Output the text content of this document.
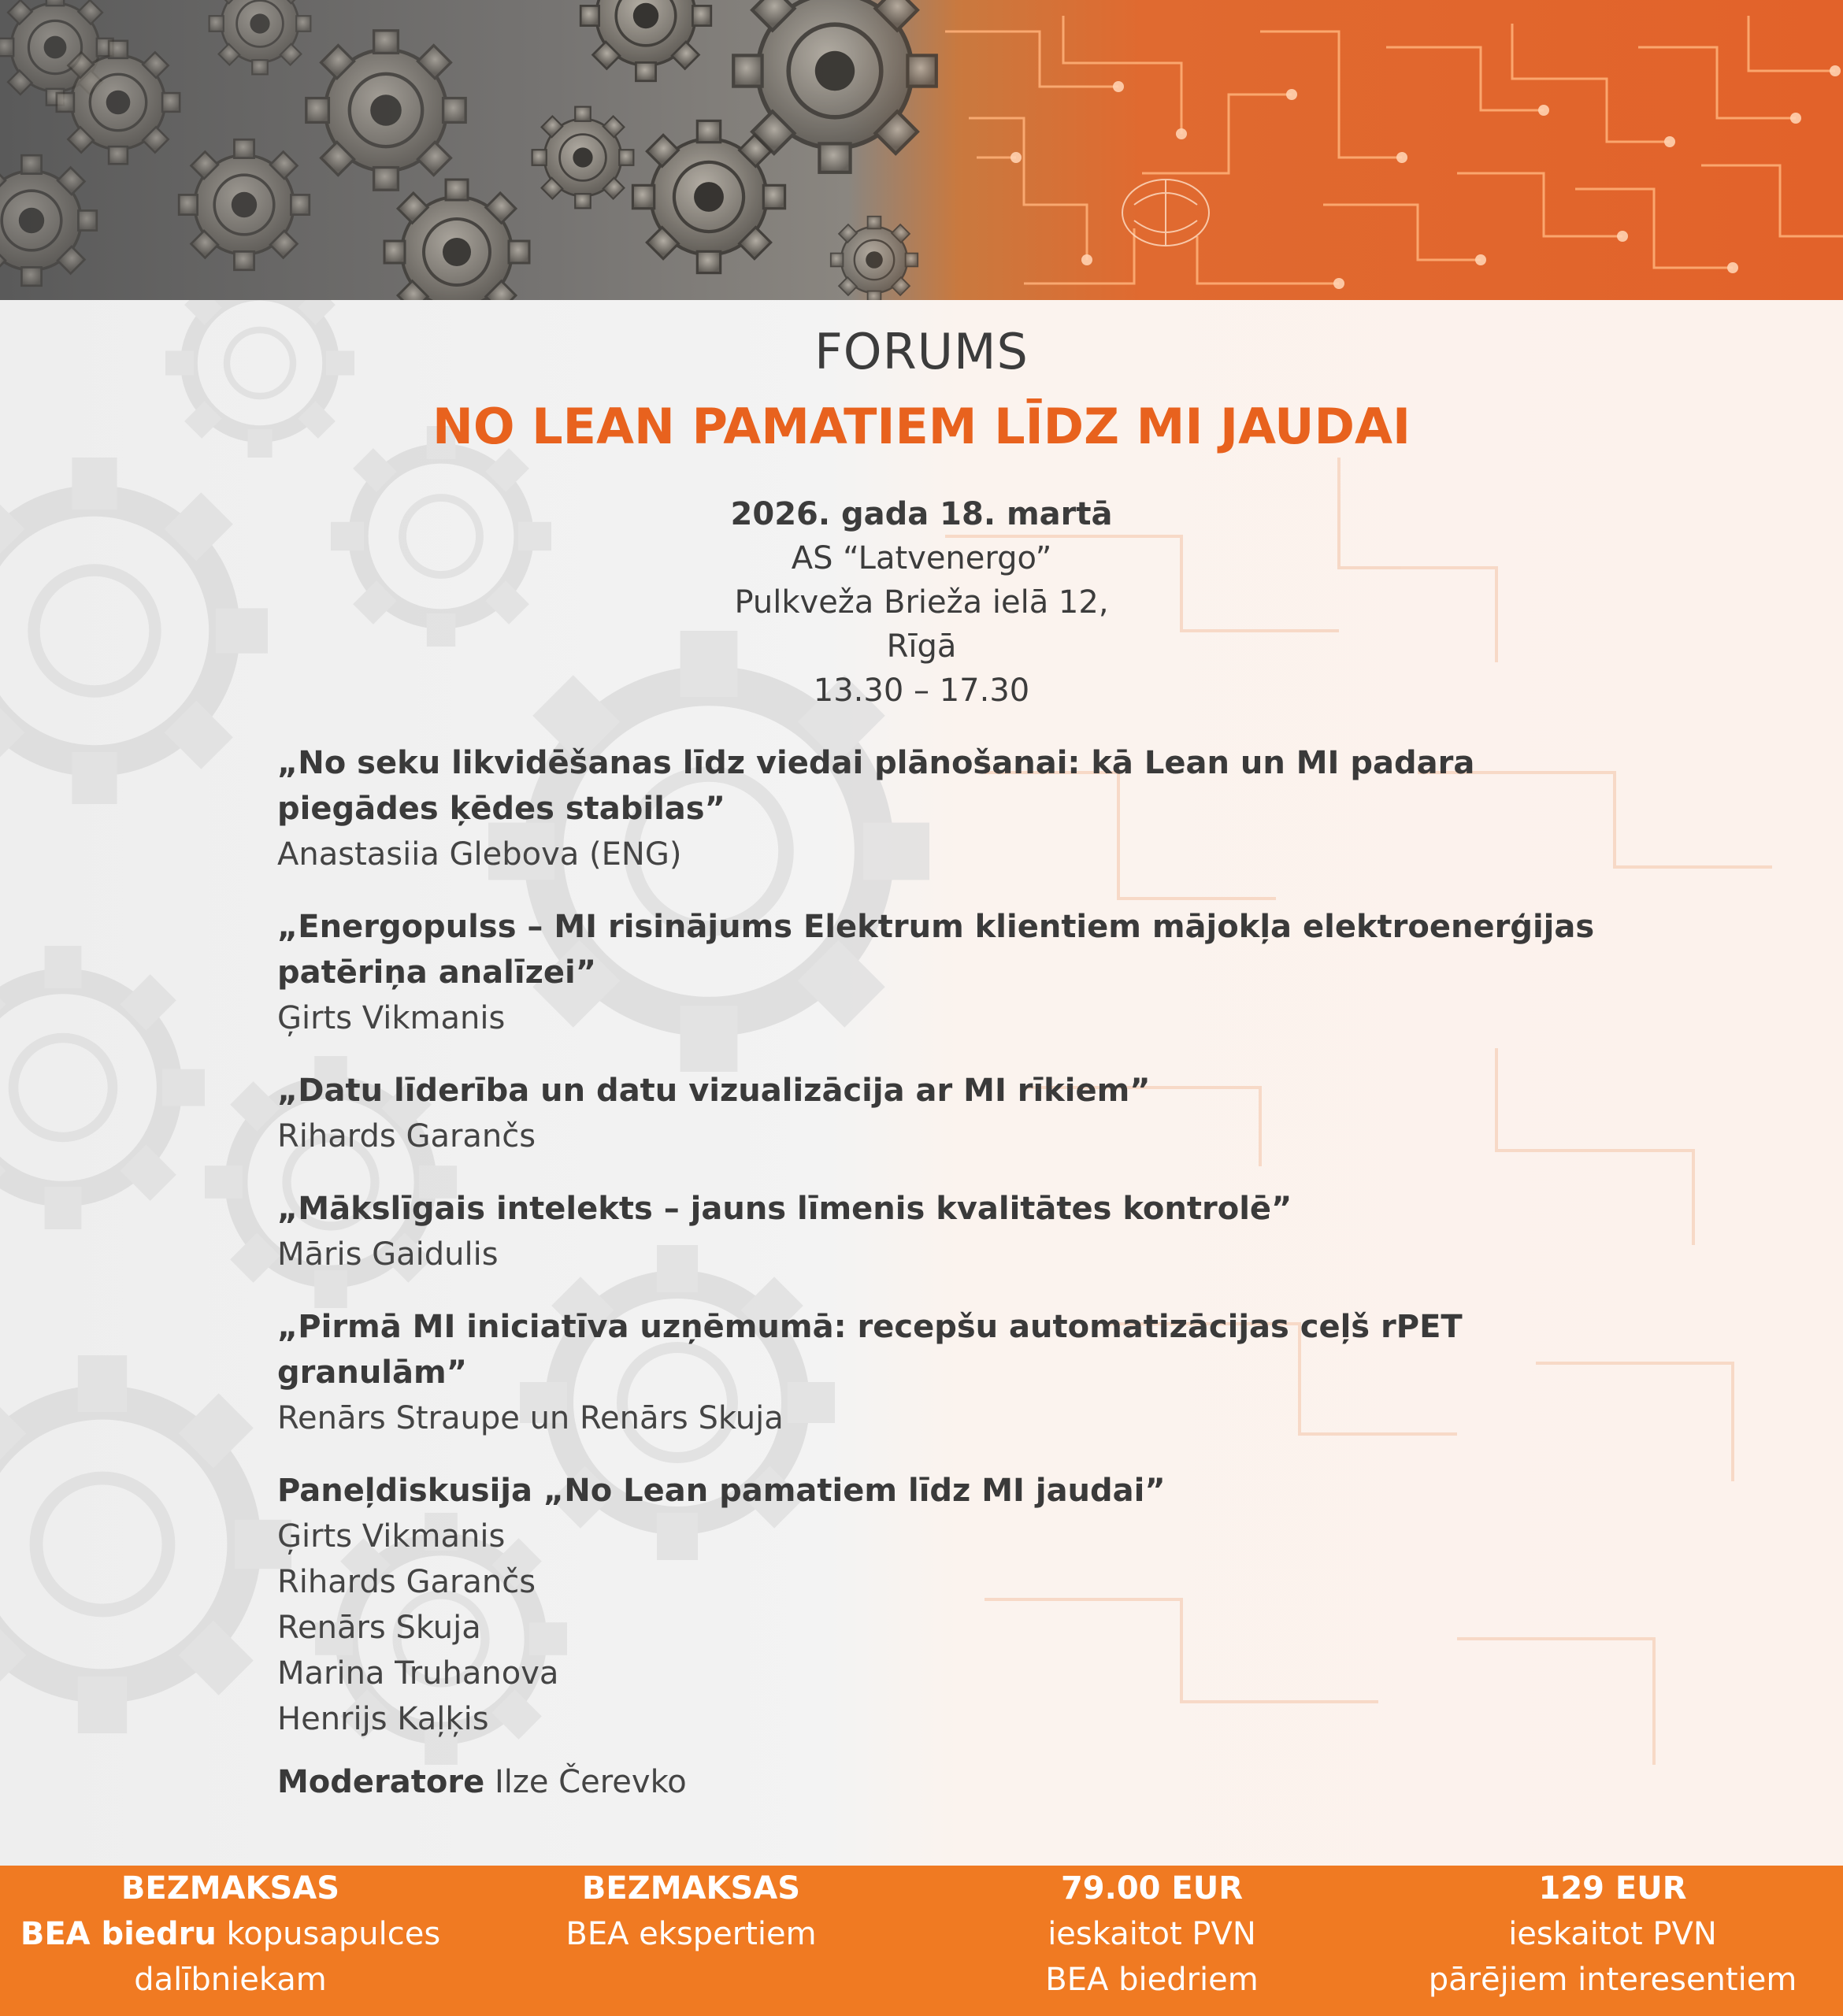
FORUMS
NO LEAN PAMATIEM LĪDZ MI JAUDAI
2026. gada 18. martā
AS “Latvenergo”
Pulkveža Brieža ielā 12,
Rīgā
13.30 – 17.30
„No seku likvidēšanas līdz viedai plānošanai: kā Lean un MI padara
piegādes ķēdes stabilas”
Anastasiia Glebova (ENG)
„Energopulss – MI risinājums Elektrum klientiem mājokļa elektroenerģijas
patēriņa analīzei”
Ģirts Vikmanis
„Datu līderība un datu vizualizācija ar MI rīkiem”
Rihards Garančs
„Mākslīgais intelekts – jauns līmenis kvalitātes kontrolē”
Māris Gaidulis
„Pirmā MI iniciatīva uzņēmumā: recepšu automatizācijas ceļš rPET
granulām”
Renārs Straupe un Renārs Skuja
Paneļdiskusija „No Lean pamatiem līdz MI jaudai”
Ģirts Vikmanis
Rihards Garančs
Renārs Skuja
Marina Truhanova
Henrijs Kaļķis
Moderatore Ilze Čerevko
BEZMAKSAS
BEA biedru kopusapulces
dalībniekam
BEZMAKSAS
BEA ekspertiem
79.00 EUR
ieskaitot PVN
BEA biedriem
129 EUR
ieskaitot PVN
pārējiem interesentiem
